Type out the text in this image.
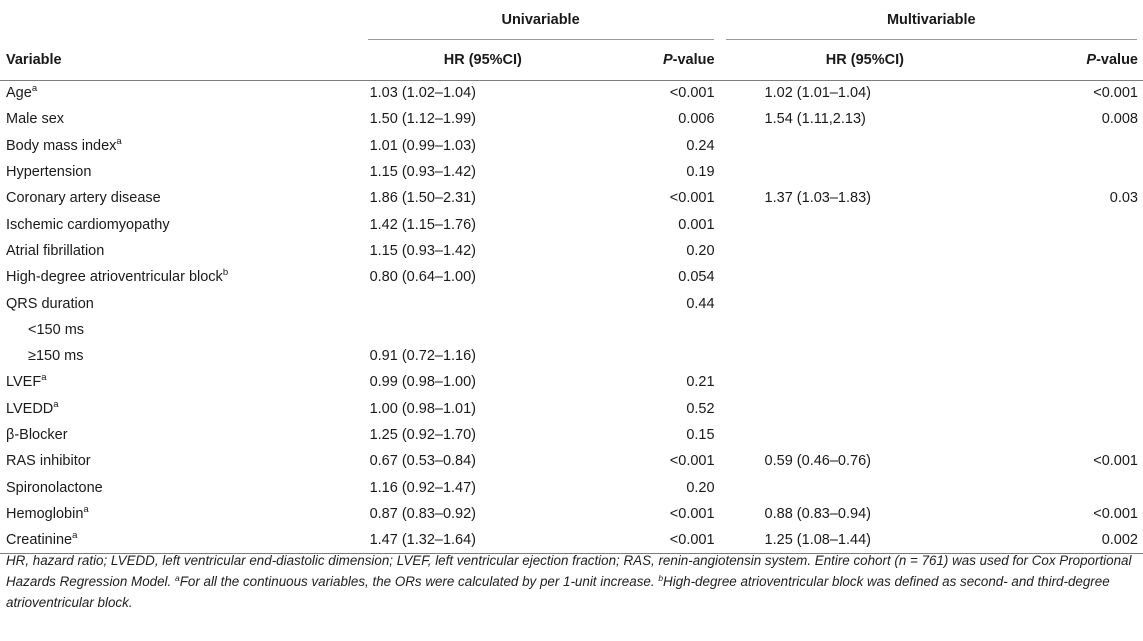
	Univariable		Multivariable	

Variable	HR (95%CI)	P-value	HR (95%CI)	P-value
Age$^a$	1.03 (1.02–1.04)	<0.001	1.02 (1.01–1.04)	<0.001
Male sex	1.50 (1.12–1.99)	0.006	1.54 (1.11,2.13)	0.008
Body mass index$^a$	1.01 (0.99–1.03)	0.24		
Hypertension	1.15 (0.93–1.42)	0.19		
Coronary artery disease	1.86 (1.50–2.31)	<0.001	1.37 (1.03–1.83)	0.03
Ischemic cardiomyopathy	1.42 (1.15–1.76)	0.001		
Atrial fibrillation	1.15 (0.93–1.42)	0.20		
High-degree atrioventricular block$^b$	0.80 (0.64–1.00)	0.054		
QRS duration		0.44		
<150 ms				
≥150 ms	0.91 (0.72–1.16)			
LVEF$^a$	0.99 (0.98–1.00)	0.21		
LVEDD$^a$	1.00 (0.98–1.01)	0.52		
β-Blocker	1.25 (0.92–1.70)	0.15		
RAS inhibitor	0.67 (0.53–0.84)	<0.001	0.59 (0.46–0.76)	<0.001
Spironolactone	1.16 (0.92–1.47)	0.20		
Hemoglobin$^a$	0.87 (0.83–0.92)	<0.001	0.88 (0.83–0.94)	<0.001
Creatinine$^a$	1.47 (1.32–1.64)	<0.001	1.25 (1.08–1.44)	0.002
HR, hazard ratio; LVEDD, left ventricular end-diastolic dimension; LVEF, left ventricular ejection fraction; RAS, renin-angiotensin system. Entire cohort (n = 761) was used for Cox Proportional Hazards Regression Model. $^a$For all the continuous variables, the ORs were calculated by per 1-unit increase. $^b$High-degree atrioventricular block was defined as second- and third-degree atrioventricular block.
